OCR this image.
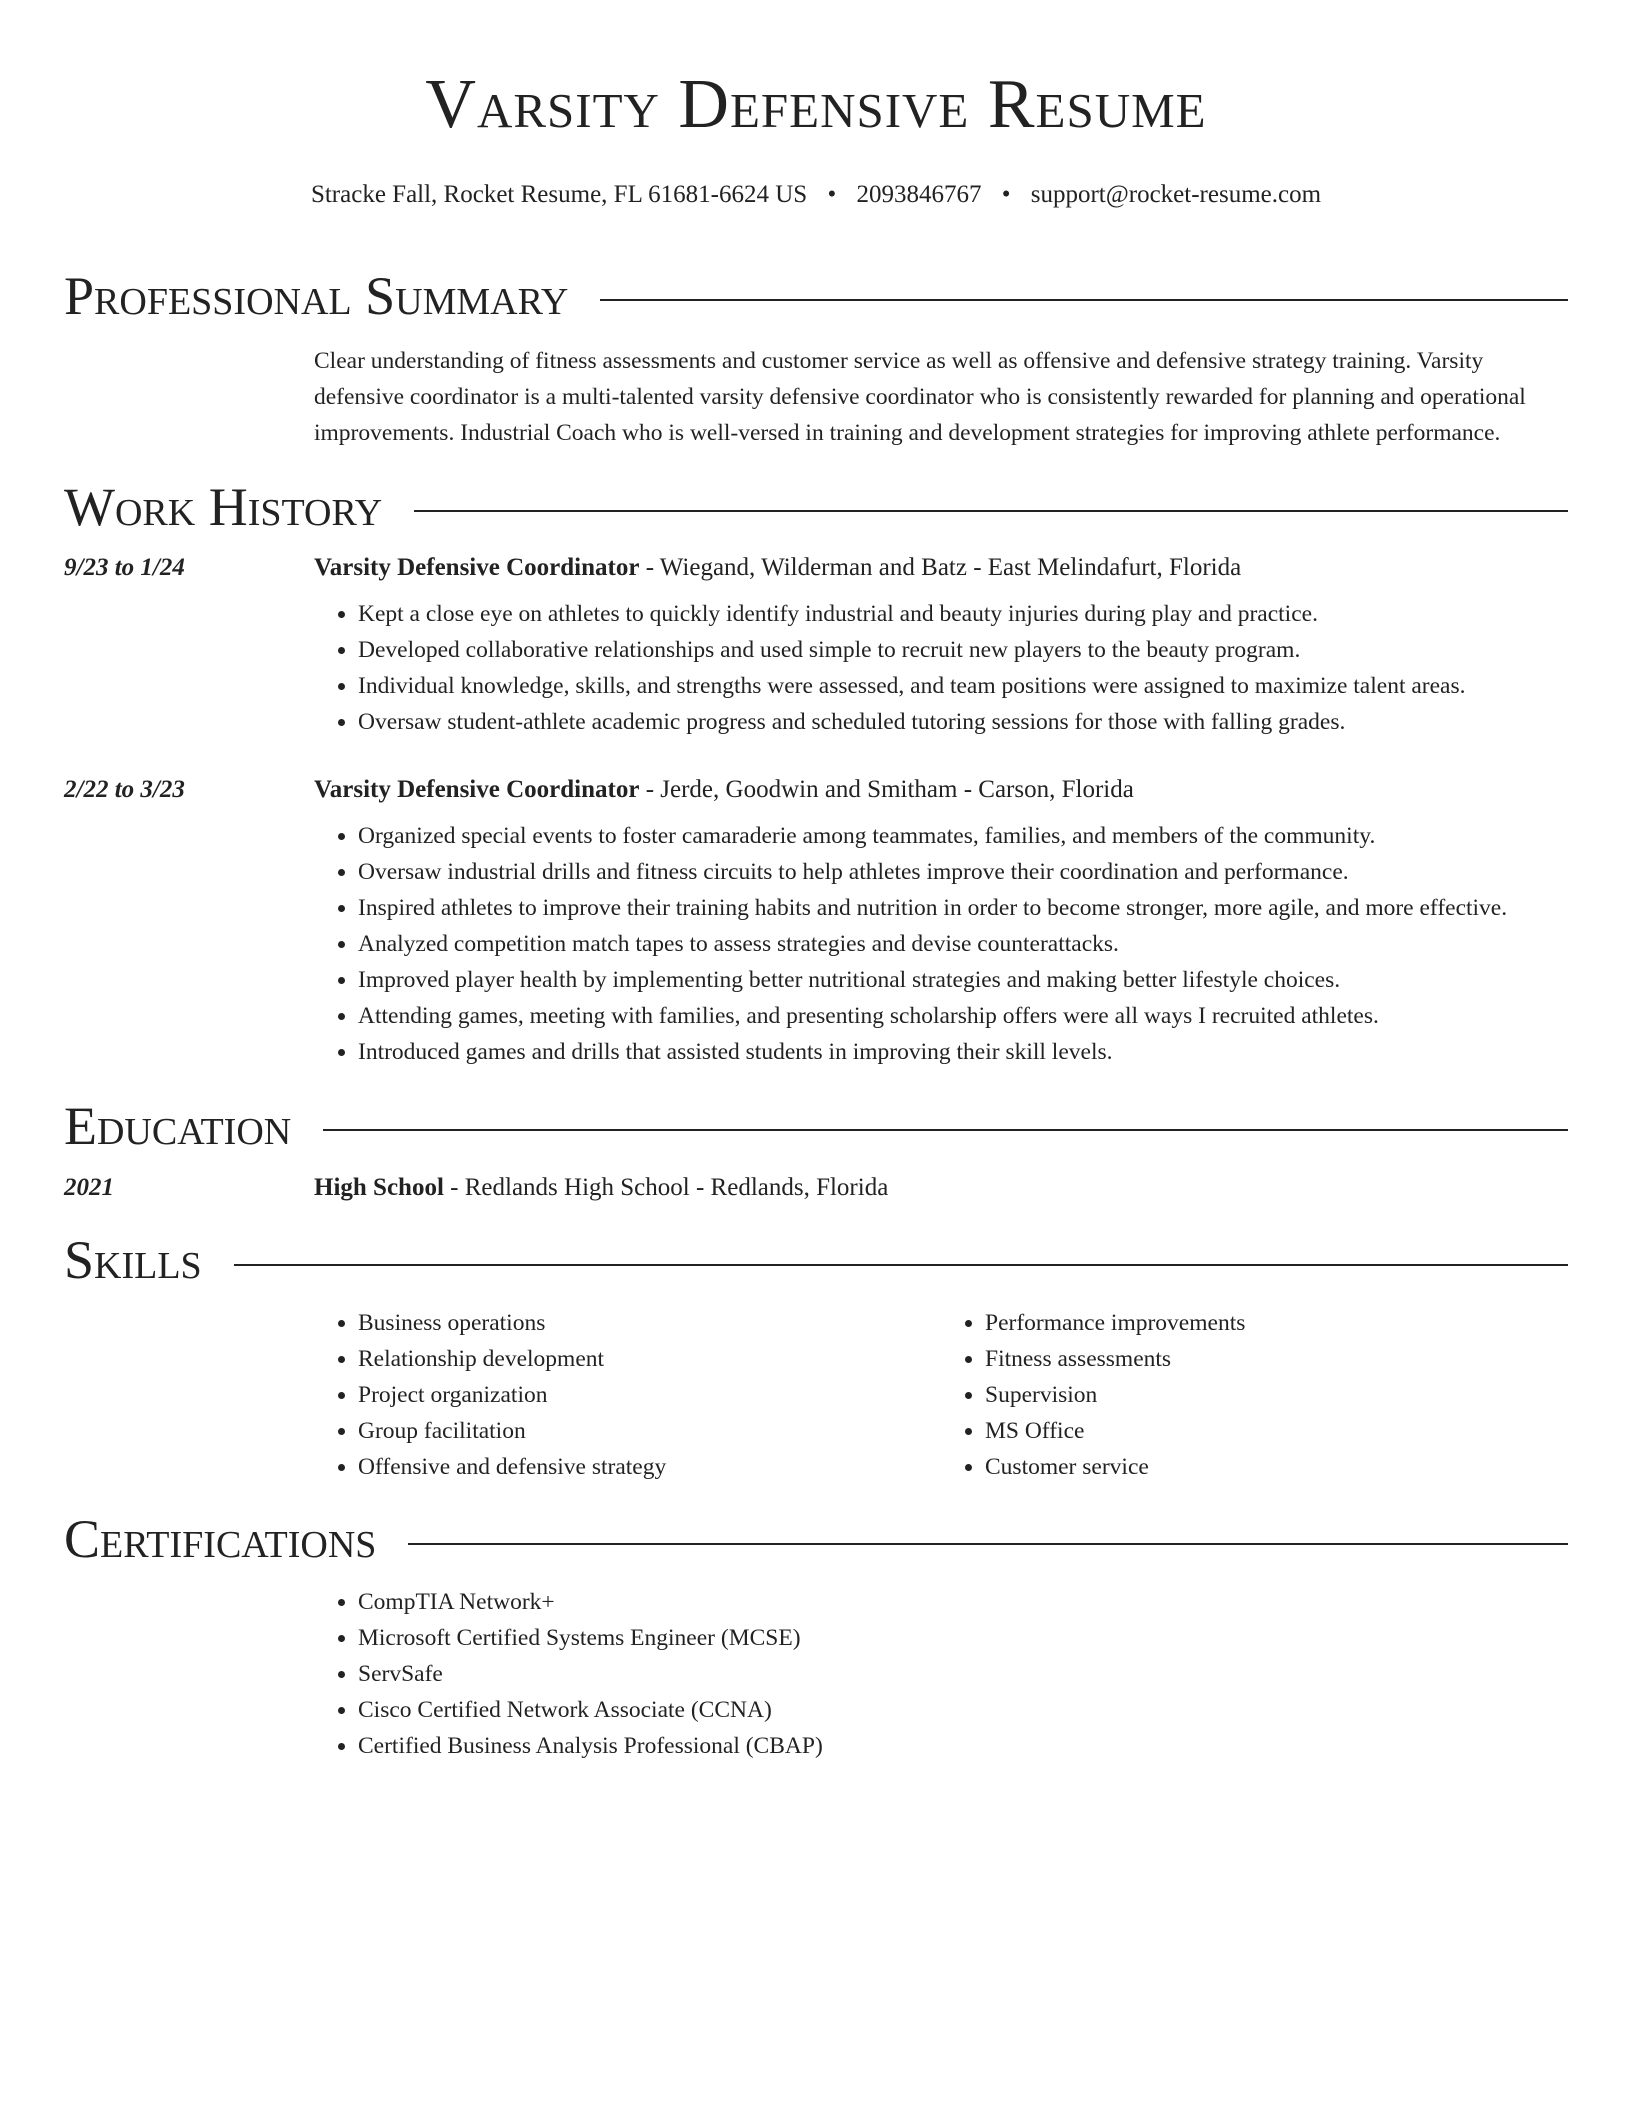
Varsity Defensive Resume
Stracke Fall, Rocket Resume, FL 61681-6624 US • 2093846767 • support@rocket-resume.com
Professional Summary
Clear understanding of fitness assessments and customer service as well as offensive and defensive strategy training. Varsity defensive coordinator is a multi-talented varsity defensive coordinator who is consistently rewarded for planning and operational improvements. Industrial Coach who is well-versed in training and development strategies for improving athlete performance.
Work History
9/23 to 1/24	Varsity Defensive Coordinator - Wiegand, Wilderman and Batz - East Melindafurt, Florida
• Kept a close eye on athletes to quickly identify industrial and beauty injuries during play and practice.
• Developed collaborative relationships and used simple to recruit new players to the beauty program.
• Individual knowledge, skills, and strengths were assessed, and team positions were assigned to maximize talent areas.
• Oversaw student-athlete academic progress and scheduled tutoring sessions for those with falling grades.
2/22 to 3/23	Varsity Defensive Coordinator - Jerde, Goodwin and Smitham - Carson, Florida
• Organized special events to foster camaraderie among teammates, families, and members of the community.
• Oversaw industrial drills and fitness circuits to help athletes improve their coordination and performance.
• Inspired athletes to improve their training habits and nutrition in order to become stronger, more agile, and more effective.
• Analyzed competition match tapes to assess strategies and devise counterattacks.
• Improved player health by implementing better nutritional strategies and making better lifestyle choices.
• Attending games, meeting with families, and presenting scholarship offers were all ways I recruited athletes.
• Introduced games and drills that assisted students in improving their skill levels.
Education
2021	High School - Redlands High School - Redlands, Florida
Skills
• Business operations
• Relationship development
• Project organization
• Group facilitation
• Offensive and defensive strategy
• Performance improvements
• Fitness assessments
• Supervision
• MS Office
• Customer service
Certifications
• CompTIA Network+
• Microsoft Certified Systems Engineer (MCSE)
• ServSafe
• Cisco Certified Network Associate (CCNA)
• Certified Business Analysis Professional (CBAP)
